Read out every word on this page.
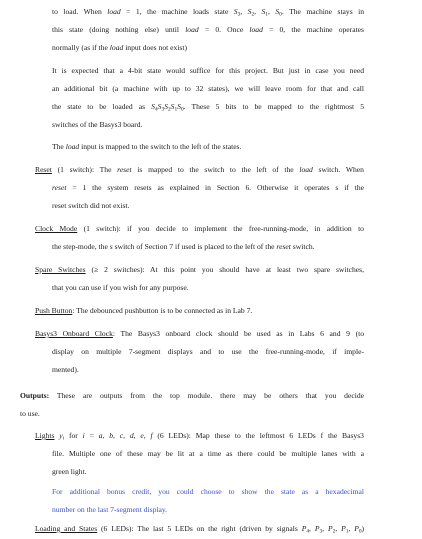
to load. When load = 1, the machine loads state $S_3$, $S_2$, $S_1$, $S_0$. The machine stays in
this state (doing nothing else) until load = 0. Once load = 0, the machine operates
normally (as if the load input does not exist)
It is expected that a 4-bit state would suffice for this project. But just in case you need
an additional bit (a machine with up to 32 states), we will leave room for that and call
the state to be loaded as $S_4S_3S_2S_1S_0$. These 5 bits to be mapped to the rightmost 5
switches of the Basys3 board.
The load input is mapped to the switch to the left of the states.
Reset (1 switch): The reset is mapped to the switch to the left of the load switch. When
reset = 1 the system resets as explained in Section 6. Otherwise it operates s if the
reset switch did not exist.
Clock Mode (1 switch): if you decide to implement the free-running-mode, in addition to
the step-mode, the s switch of Section 7 if used is placed to the left of the reset switch.
Spare Switches (≥ 2 switches): At this point you should have at least two spare switches,
that you can use if you wish for any purpose.
Push Button: The debounced pushbutton is to be connected as in Lab 7.
Basys3 Onboard Clock: The Basys3 onboard clock should be used as in Labs 6 and 9 (to
display on multiple 7-segment displays and to use the free-running-mode, if imple-
mented).
Outputs: These are outputs from the top module. there may be others that you decide
to use.
Lights $y_i$ for i = a, b, c, d, e, f (6 LEDs): Map these to the leftmost 6 LEDs f the Basys3
file. Multiple one of these may be lit at a time as there could be multiple lanes with a
green light.
For additional bonus credit, you could choose to show the state as a hexadecimal
number on the last 7-segment display.
Loading and States (6 LEDs): The last 5 LEDs on the right (driven by signals $P_4$, $P_3$, $P_2$, $P_1$, $P_0$)
